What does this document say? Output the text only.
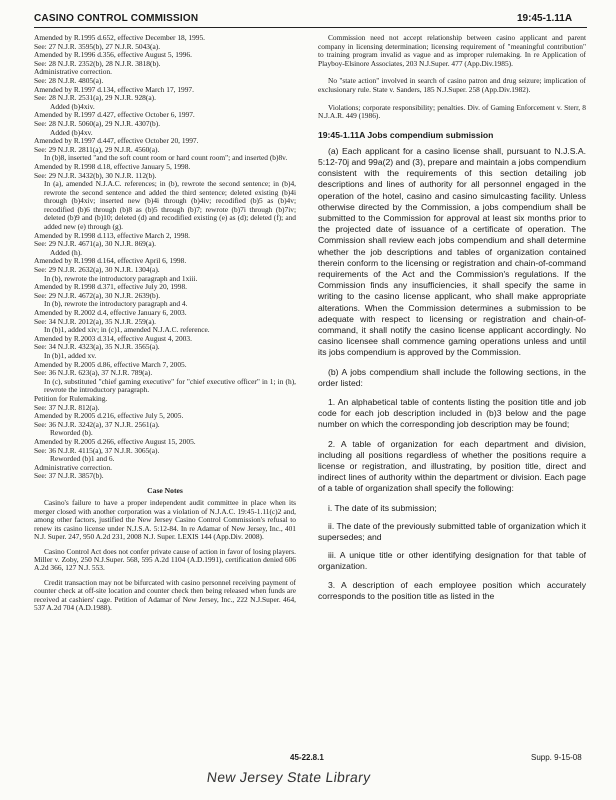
CASINO CONTROL COMMISSION	19:45-1.11A
Amended by R.1995 d.652, effective December 18, 1995.
See: 27 N.J.R. 3595(b), 27 N.J.R. 5043(a).
Amended by R.1996 d.356, effective August 5, 1996.
See: 28 N.J.R. 2352(b), 28 N.J.R. 3818(b).
Administrative correction.
See: 28 N.J.R. 4805(a).
Amended by R.1997 d.134, effective March 17, 1997.
See: 28 N.J.R. 2531(a), 29 N.J.R. 928(a).
Added (b)4xiv.
Amended by R.1997 d.427, effective October 6, 1997.
See: 28 N.J.R. 5060(a), 29 N.J.R. 4307(b).
Added (b)4xv.
Amended by R.1997 d.447, effective October 20, 1997.
See: 29 N.J.R. 2811(a), 29 N.J.R. 4560(a).
In (b)8, inserted "and the soft count room or hard count room"; and inserted (b)8v.
Amended by R.1998 d.18, effective January 5, 1998.
See: 29 N.J.R. 3432(b), 30 N.J.R. 112(b).
In (a), amended N.J.A.C. references; in (b), rewrote the second sentence; in (b)4, rewrote the second sentence and added the third sentence; deleted existing (b)4i through (b)4xiv; inserted new (b)4i through (b)4iv; recodified (b)5 as (b)4v; recodified (b)6 through (b)8 as (b)5 through (b)7; rewrote (b)7i through (b)7iv; deleted (b)9 and (b)10; deleted (d) and recodified existing (e) as (d); deleted (f); and added new (e) through (g).
Amended by R.1998 d.113, effective March 2, 1998.
See: 29 N.J.R. 4671(a), 30 N.J.R. 869(a).
Added (h).
Amended by R.1998 d.164, effective April 6, 1998.
See: 29 N.J.R. 2632(a), 30 N.J.R. 1304(a).
In (b), rewrote the introductory paragraph and 1xiii.
Amended by R.1998 d.371, effective July 20, 1998.
See: 29 N.J.R. 4672(a), 30 N.J.R. 2639(b).
In (b), rewrote the introductory paragraph and 4.
Amended by R.2002 d.4, effective January 6, 2003.
See: 34 N.J.R. 2012(a), 35 N.J.R. 259(a).
In (b)1, added xiv; in (c)1, amended N.J.A.C. reference.
Amended by R.2003 d.314, effective August 4, 2003.
See: 34 N.J.R. 4323(a), 35 N.J.R. 3565(a).
In (b)1, added xv.
Amended by R.2005 d.86, effective March 7, 2005.
See: 36 N.J.R. 623(a), 37 N.J.R. 789(a).
In (c), substituted "chief gaming executive" for "chief executive officer" in 1; in (h), rewrote the introductory paragraph.
Petition for Rulemaking.
See: 37 N.J.R. 812(a).
Amended by R.2005 d.216, effective July 5, 2005.
See: 36 N.J.R. 3242(a), 37 N.J.R. 2561(a).
Reworded (b).
Amended by R.2005 d.266, effective August 15, 2005.
See: 36 N.J.R. 4115(a), 37 N.J.R. 3065(a).
Reworded (b)1 and 6.
Administrative correction.
See: 37 N.J.R. 3857(b).
Case Notes

Casino's failure to have a proper independent audit committee in place when its merger closed with another corporation was a violation of N.J.A.C. 19:45-1.11(c)2 and, among other factors, justified the New Jersey Casino Control Commission's refusal to renew its casino license under N.J.S.A. 5:12-84. In re Adamar of New Jersey, Inc., 401 N.J. Super. 247, 950 A.2d 231, 2008 N.J. Super. LEXIS 144 (App.Div. 2008).

Casino Control Act does not confer private cause of action in favor of losing players. Miller v. Zoby, 250 N.J.Super. 568, 595 A.2d 1104 (A.D.1991), certification denied 606 A.2d 366, 127 N.J. 553.

Credit transaction may not be bifurcated with casino personnel receiving payment of counter check at off-site location and counter check then being released when funds are received at cashiers' cage. Petition of Adamar of New Jersey, Inc., 222 N.J.Super. 464, 537 A.2d 704 (A.D.1988).

Commission need not accept relationship between casino applicant and parent company in licensing determination; licensing requirement of "meaningful contribution" to training program invalid as vague and as improper rulemaking. In re Application of Playboy-Elsinore Associates, 203 N.J.Super. 477 (App.Div.1985).

No "state action" involved in search of casino patron and drug seizure; implication of exclusionary rule. State v. Sanders, 185 N.J.Super. 258 (App.Div.1982).

Violations; corporate responsibility; penalties. Div. of Gaming Enforcement v. Sterr, 8 N.J.A.R. 449 (1986).

19:45-1.11A Jobs compendium submission

(a) Each applicant for a casino license shall, pursuant to N.J.S.A. 5:12-70j and 99a(2) and (3), prepare and maintain a jobs compendium consistent with the requirements of this section detailing job descriptions and lines of authority for all personnel engaged in the operation of the hotel, casino and casino simulcasting facility. Unless otherwise directed by the Commission, a jobs compendium shall be submitted to the Commission for approval at least six months prior to the projected date of issuance of a certificate of operation. The Commission shall review each jobs compendium and shall determine whether the job descriptions and tables of organization contained therein conform to the licensing or registration and chain-of-command requirements of the Act and the Commission's regulations. If the Commission finds any insufficiencies, it shall specify the same in writing to the casino license applicant, who shall make appropriate alterations. When the Commission determines a submission to be adequate with respect to licensing or registration and chain-of-command, it shall notify the casino license applicant accordingly. No casino licensee shall commence gaming operations unless and until its jobs compendium is approved by the Commission.

(b) A jobs compendium shall include the following sections, in the order listed:

1. An alphabetical table of contents listing the position title and job code for each job description included in (b)3 below and the page number on which the corresponding job description may be found;

2. A table of organization for each department and division, including all positions regardless of whether the positions require a license or registration, and illustrating, by position title, direct and indirect lines of authority within the department or division. Each page of a table of organization shall specify the following:

i. The date of its submission;

ii. The date of the previously submitted table of organization which it supersedes; and

iii. A unique title or other identifying designation for that table of organization.

3. A description of each employee position which accurately corresponds to the position title as listed in the

45-22.8.1	Supp. 9-15-08
New Jersey State Library
